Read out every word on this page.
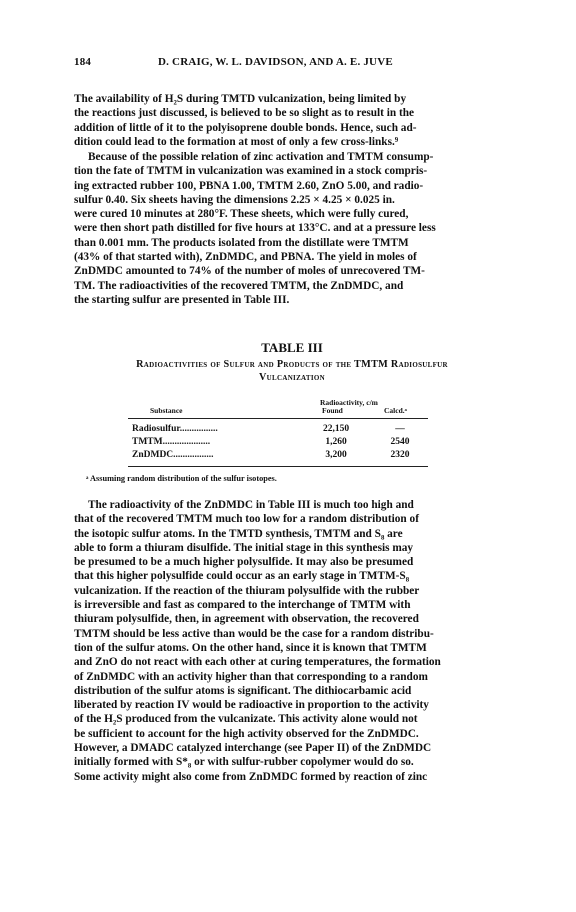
184	D. CRAIG, W. L. DAVIDSON, AND A. E. JUVE
The availability of H₂S during TMTD vulcanization, being limited by
the reactions just discussed, is believed to be so slight as to result in the
addition of little of it to the polyisoprene double bonds. Hence, such ad-
dition could lead to the formation at most of only a few cross-links.⁹
Because of the possible relation of zinc activation and TMTM consump-
tion the fate of TMTM in vulcanization was examined in a stock compris-
ing extracted rubber 100, PBNA 1.00, TMTM 2.60, ZnO 5.00, and radio-
sulfur 0.40. Six sheets having the dimensions 2.25 × 4.25 × 0.025 in.
were cured 10 minutes at 280°F. These sheets, which were fully cured,
were then short path distilled for five hours at 133°C. and at a pressure less
than 0.001 mm. The products isolated from the distillate were TMTM
(43% of that started with), ZnDMDC, and PBNA. The yield in moles of
ZnDMDC amounted to 74% of the number of moles of unrecovered TM-
TM. The radioactivities of the recovered TMTM, the ZnDMDC, and
the starting sulfur are presented in Table III.
TABLE III
Radioactivities of Sulfur and Products of the TMTM Radiosulfur
Vulcanization
Radioactivity, c/m
Substance	Found	Calcd.ᵃ
Radiosulfur................	22,150	—
TMTM....................	1,260	2540
ZnDMDC.................	3,200	2320
ᵃ Assuming random distribution of the sulfur isotopes.
The radioactivity of the ZnDMDC in Table III is much too high and
that of the recovered TMTM much too low for a random distribution of
the isotopic sulfur atoms. In the TMTD synthesis, TMTM and S₈ are
able to form a thiuram disulfide. The initial stage in this synthesis may
be presumed to be a much higher polysulfide. It may also be presumed
that this higher polysulfide could occur as an early stage in TMTM-S₈
vulcanization. If the reaction of the thiuram polysulfide with the rubber
is irreversible and fast as compared to the interchange of TMTM with
thiuram polysulfide, then, in agreement with observation, the recovered
TMTM should be less active than would be the case for a random distribu-
tion of the sulfur atoms. On the other hand, since it is known that TMTM
and ZnO do not react with each other at curing temperatures, the formation
of ZnDMDC with an activity higher than that corresponding to a random
distribution of the sulfur atoms is significant. The dithiocarbamic acid
liberated by reaction IV would be radioactive in proportion to the activity
of the H₂S produced from the vulcanizate. This activity alone would not
be sufficient to account for the high activity observed for the ZnDMDC.
However, a DMADC catalyzed interchange (see Paper II) of the ZnDMDC
initially formed with S*₈ or with sulfur-rubber copolymer would do so.
Some activity might also come from ZnDMDC formed by reaction of zinc
